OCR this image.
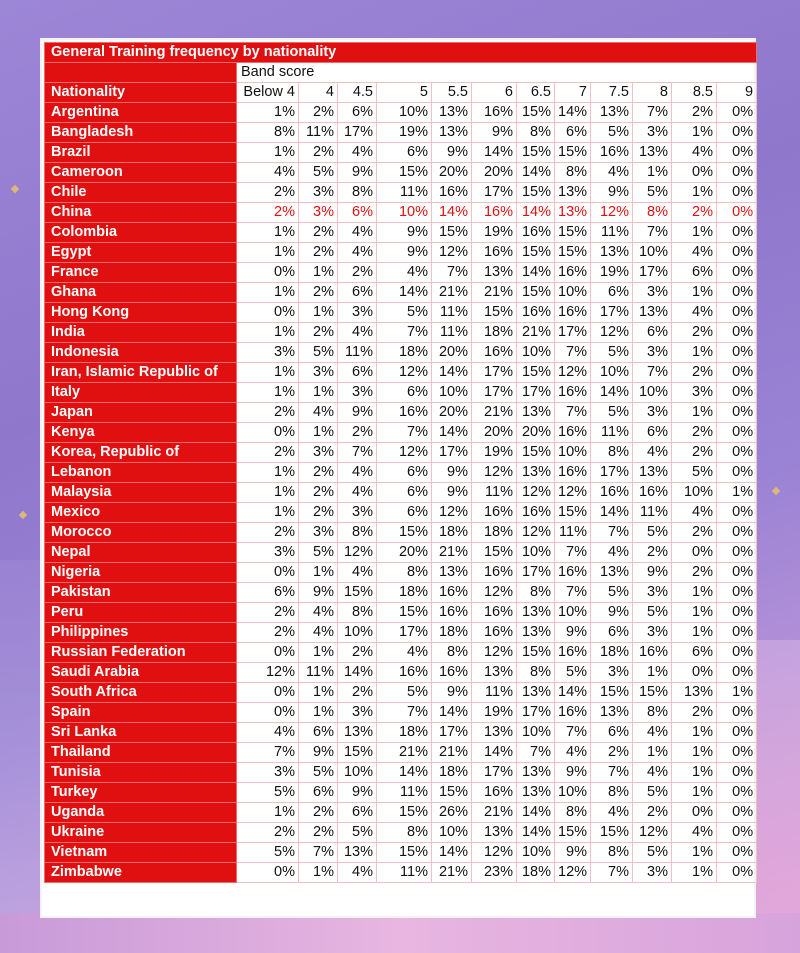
General Training frequency by nationality												
	Band score											
Nationality	Below 4	4	4.5	5	5.5	6	6.5	7	7.5	8	8.5	9
Argentina	1%	2%	6%	10%	13%	16%	15%	14%	13%	7%	2%	0%
Bangladesh	8%	11%	17%	19%	13%	9%	8%	6%	5%	3%	1%	0%
Brazil	1%	2%	4%	6%	9%	14%	15%	15%	16%	13%	4%	0%
Cameroon	4%	5%	9%	15%	20%	20%	14%	8%	4%	1%	0%	0%
Chile	2%	3%	8%	11%	16%	17%	15%	13%	9%	5%	1%	0%
China	2%	3%	6%	10%	14%	16%	14%	13%	12%	8%	2%	0%
Colombia	1%	2%	4%	9%	15%	19%	16%	15%	11%	7%	1%	0%
Egypt	1%	2%	4%	9%	12%	16%	15%	15%	13%	10%	4%	0%
France	0%	1%	2%	4%	7%	13%	14%	16%	19%	17%	6%	0%
Ghana	1%	2%	6%	14%	21%	21%	15%	10%	6%	3%	1%	0%
Hong Kong	0%	1%	3%	5%	11%	15%	16%	16%	17%	13%	4%	0%
India	1%	2%	4%	7%	11%	18%	21%	17%	12%	6%	2%	0%
Indonesia	3%	5%	11%	18%	20%	16%	10%	7%	5%	3%	1%	0%
Iran, Islamic Republic of	1%	3%	6%	12%	14%	17%	15%	12%	10%	7%	2%	0%
Italy	1%	1%	3%	6%	10%	17%	17%	16%	14%	10%	3%	0%
Japan	2%	4%	9%	16%	20%	21%	13%	7%	5%	3%	1%	0%
Kenya	0%	1%	2%	7%	14%	20%	20%	16%	11%	6%	2%	0%
Korea, Republic of	2%	3%	7%	12%	17%	19%	15%	10%	8%	4%	2%	0%
Lebanon	1%	2%	4%	6%	9%	12%	13%	16%	17%	13%	5%	0%
Malaysia	1%	2%	4%	6%	9%	11%	12%	12%	16%	16%	10%	1%
Mexico	1%	2%	3%	6%	12%	16%	16%	15%	14%	11%	4%	0%
Morocco	2%	3%	8%	15%	18%	18%	12%	11%	7%	5%	2%	0%
Nepal	3%	5%	12%	20%	21%	15%	10%	7%	4%	2%	0%	0%
Nigeria	0%	1%	4%	8%	13%	16%	17%	16%	13%	9%	2%	0%
Pakistan	6%	9%	15%	18%	16%	12%	8%	7%	5%	3%	1%	0%
Peru	2%	4%	8%	15%	16%	16%	13%	10%	9%	5%	1%	0%
Philippines	2%	4%	10%	17%	18%	16%	13%	9%	6%	3%	1%	0%
Russian Federation	0%	1%	2%	4%	8%	12%	15%	16%	18%	16%	6%	0%
Saudi Arabia	12%	11%	14%	16%	16%	13%	8%	5%	3%	1%	0%	0%
South Africa	0%	1%	2%	5%	9%	11%	13%	14%	15%	15%	13%	1%
Spain	0%	1%	3%	7%	14%	19%	17%	16%	13%	8%	2%	0%
Sri Lanka	4%	6%	13%	18%	17%	13%	10%	7%	6%	4%	1%	0%
Thailand	7%	9%	15%	21%	21%	14%	7%	4%	2%	1%	1%	0%
Tunisia	3%	5%	10%	14%	18%	17%	13%	9%	7%	4%	1%	0%
Turkey	5%	6%	9%	11%	15%	16%	13%	10%	8%	5%	1%	0%
Uganda	1%	2%	6%	15%	26%	21%	14%	8%	4%	2%	0%	0%
Ukraine	2%	2%	5%	8%	10%	13%	14%	15%	15%	12%	4%	0%
Vietnam	5%	7%	13%	15%	14%	12%	10%	9%	8%	5%	1%	0%
Zimbabwe	0%	1%	4%	11%	21%	23%	18%	12%	7%	3%	1%	0%
